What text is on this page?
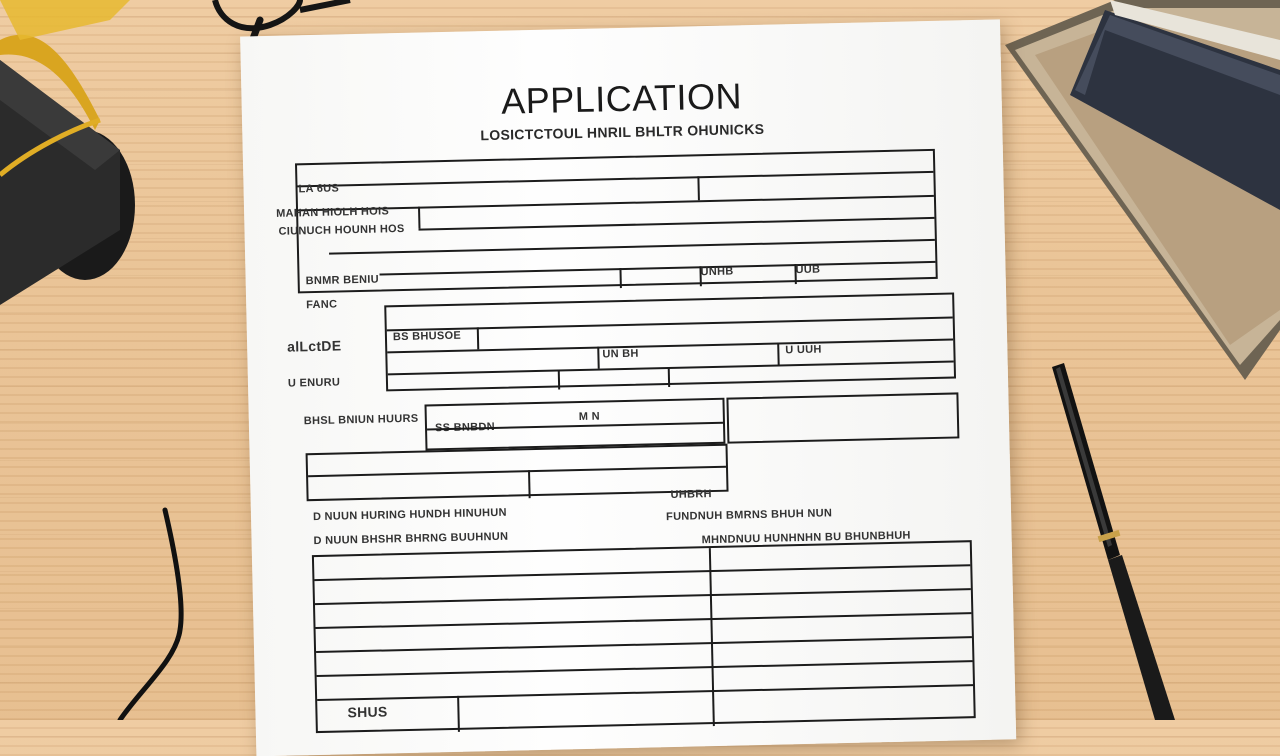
APPLICATION
LOSICTCTOUL HNRIL BHLTR OHUNICKS
LA 6US
MAHAN HIOLH HOIS
CIUNUCH HOUNH HOS
BNMR BENIU
FANC
UNHB	UUB
alLctDE
BS BHUSOE
UN BH	U UUH
U ENURU
BHSL BNIUN HUURS
SS BNBDN
M N
D NUUN HURING HUNDH HINUHUN
UHBRH
D NUUN BHSHR BHRNG BUUHNUN
FUNDNUH BMRNS BHUH NUN
MHNDNUU HUNHNHN BU BHUNBHUH
SHUS
